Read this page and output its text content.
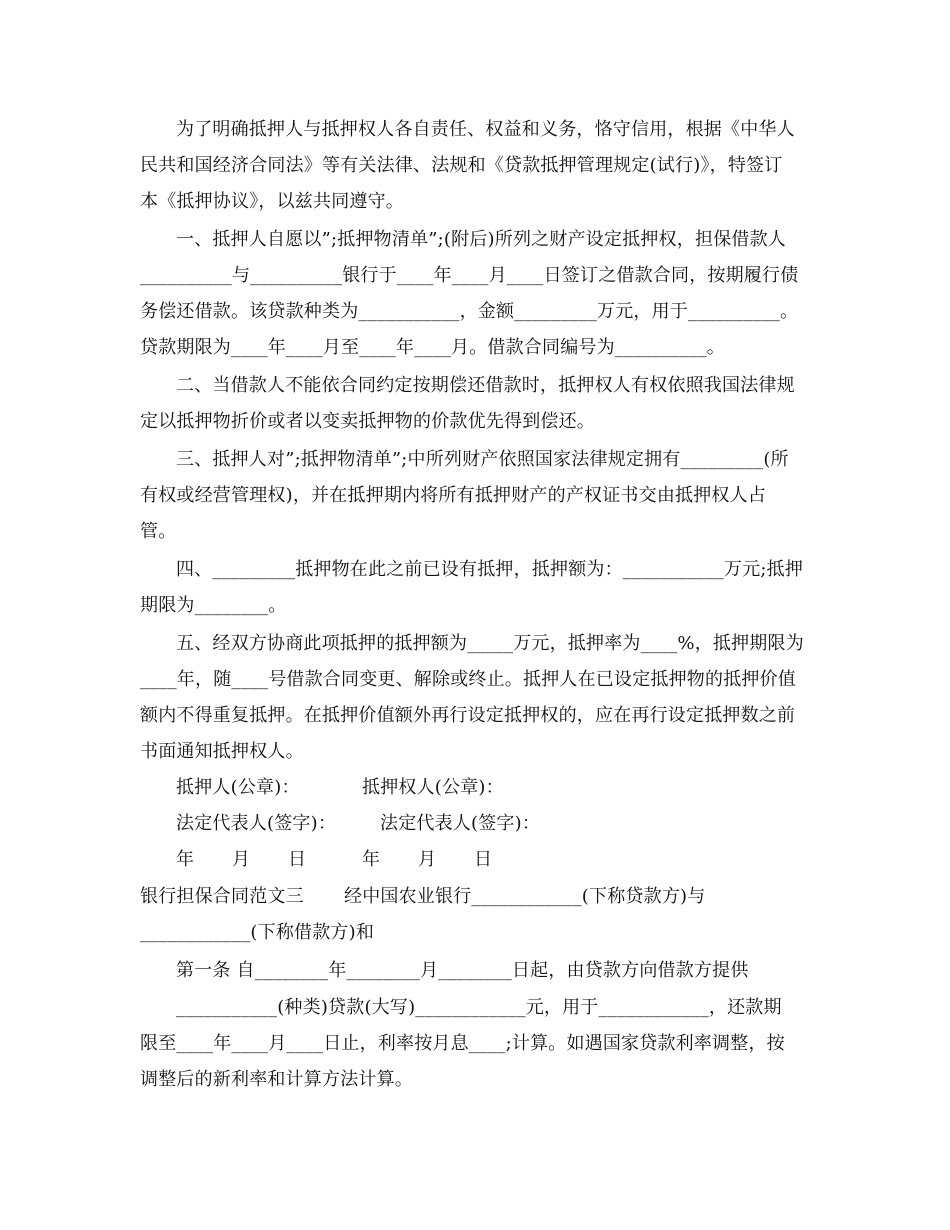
为了明确抵押人与抵押权人各自责任、权益和义务，恪守信用，根据《中华人
民共和国经济合同法》等有关法律、法规和《贷款抵押管理规定(试行)》，特签订
本《抵押协议》，以兹共同遵守。
一、抵押人自愿以”;抵押物清单”;(附后)所列之财产设定抵押权，担保借款人
__________与__________银行于____年____月____日签订之借款合同，按期履行债
务偿还借款。该贷款种类为___________，金额_________万元，用于__________。
贷款期限为____年____月至____年____月。借款合同编号为__________。
二、当借款人不能依合同约定按期偿还借款时，抵押权人有权依照我国法律规
定以抵押物折价或者以变卖抵押物的价款优先得到偿还。
三、抵押人对”;抵押物清单”;中所列财产依照国家法律规定拥有_________(所
有权或经营管理权)，并在抵押期内将所有抵押财产的产权证书交由抵押权人占
管。
四、_________抵押物在此之前已设有抵押，抵押额为：___________万元;抵押
期限为________。
五、经双方协商此项抵押的抵押额为_____万元，抵押率为____%，抵押期限为
____年，随____号借款合同变更、解除或终止。抵押人在已设定抵押物的抵押价值
额内不得重复抵押。在抵押价值额外再行设定抵押权的，应在再行设定抵押数之前
书面通知抵押权人。
抵押人(公章)：	抵押权人(公章)：
法定代表人(签字)： 法定代表人(签字)：
年 月 日	年 月 日
银行担保合同范文三 经中国农业银行____________(下称贷款方)与
____________(下称借款方)和
第一条 自________年________月________日起，由贷款方向借款方提供
___________(种类)贷款(大写)____________元，用于____________，还款期
限至____年____月____日止，利率按月息____;计算。如遇国家贷款利率调整，按
调整后的新利率和计算方法计算。
